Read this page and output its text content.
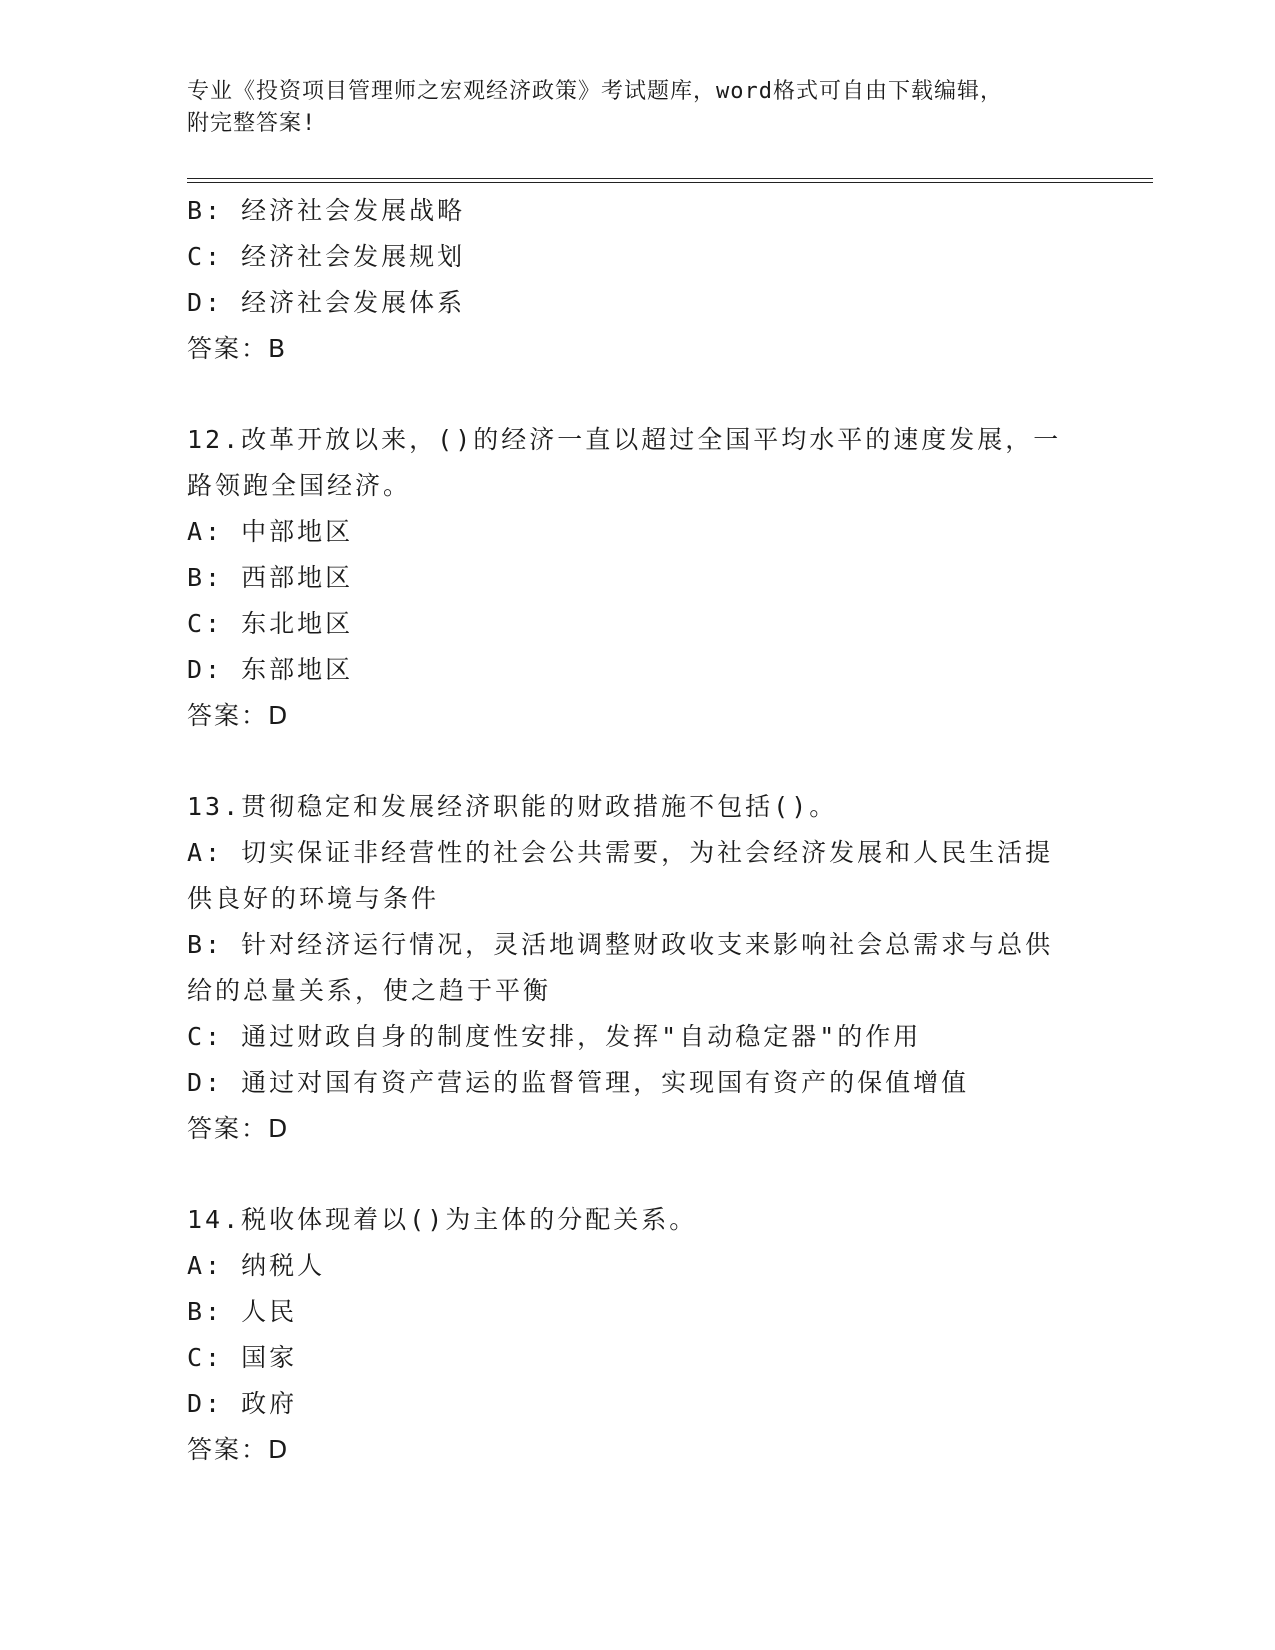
专业《投资项目管理师之宏观经济政策》考试题库，word格式可自由下载编辑，
附完整答案!
B: 经济社会发展战略
C: 经济社会发展规划
D: 经济社会发展体系
答案：B
12.改革开放以来，()的经济一直以超过全国平均水平的速度发展，一
路领跑全国经济。
A: 中部地区
B: 西部地区
C: 东北地区
D: 东部地区
答案：D
13.贯彻稳定和发展经济职能的财政措施不包括()。
A: 切实保证非经营性的社会公共需要，为社会经济发展和人民生活提
供良好的环境与条件
B: 针对经济运行情况，灵活地调整财政收支来影响社会总需求与总供
给的总量关系，使之趋于平衡
C: 通过财政自身的制度性安排，发挥"自动稳定器"的作用
D: 通过对国有资产营运的监督管理，实现国有资产的保值增值
答案：D
14.税收体现着以()为主体的分配关系。
A: 纳税人
B: 人民
C: 国家
D: 政府
答案：D
